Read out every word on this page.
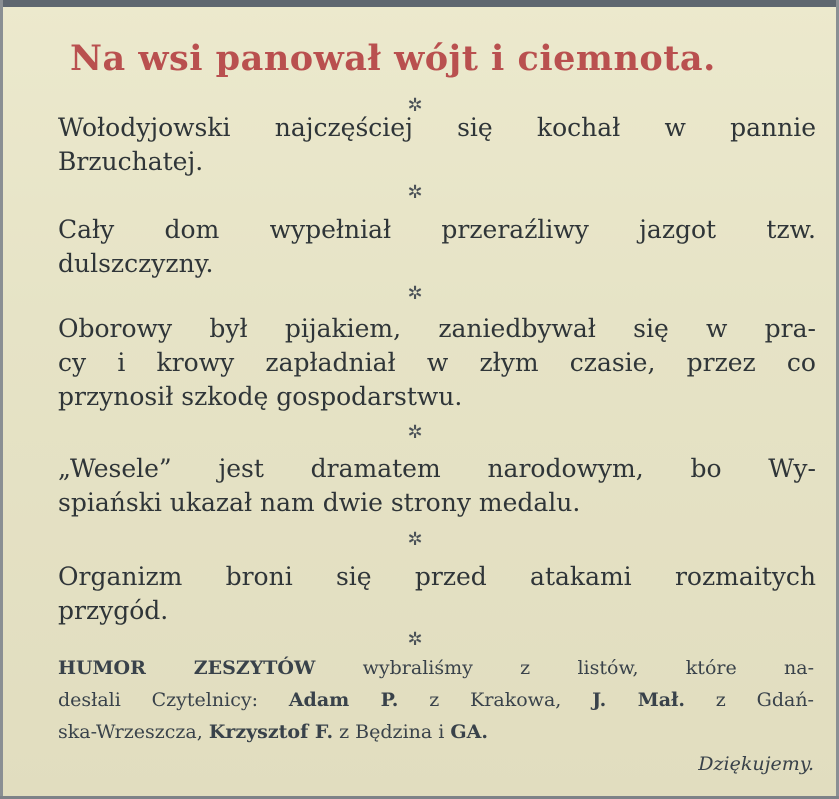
Na wsi panował wójt i ciemnota.
✲
Wołodyjowski najczęściej się kochał w pannie
Brzuchatej.
✲
Cały dom wypełniał przeraźliwy jazgot tzw.
dulszczyzny.
✲
Oborowy był pijakiem, zaniedbywał się w pra-
cy i krowy zapładniał w złym czasie, przez co
przynosił szkodę gospodarstwu.
✲
„Wesele” jest dramatem narodowym, bo Wy-
spiański ukazał nam dwie strony medalu.
✲
Organizm broni się przed atakami rozmaitych
przygód.
✲
HUMOR ZESZYTÓW wybraliśmy z listów, które na-
desłali Czytelnicy: Adam P. z Krakowa, J. Mał. z Gdań-
ska-Wrzeszcza, Krzysztof F. z Będzina i GA.
Dziękujemy.
